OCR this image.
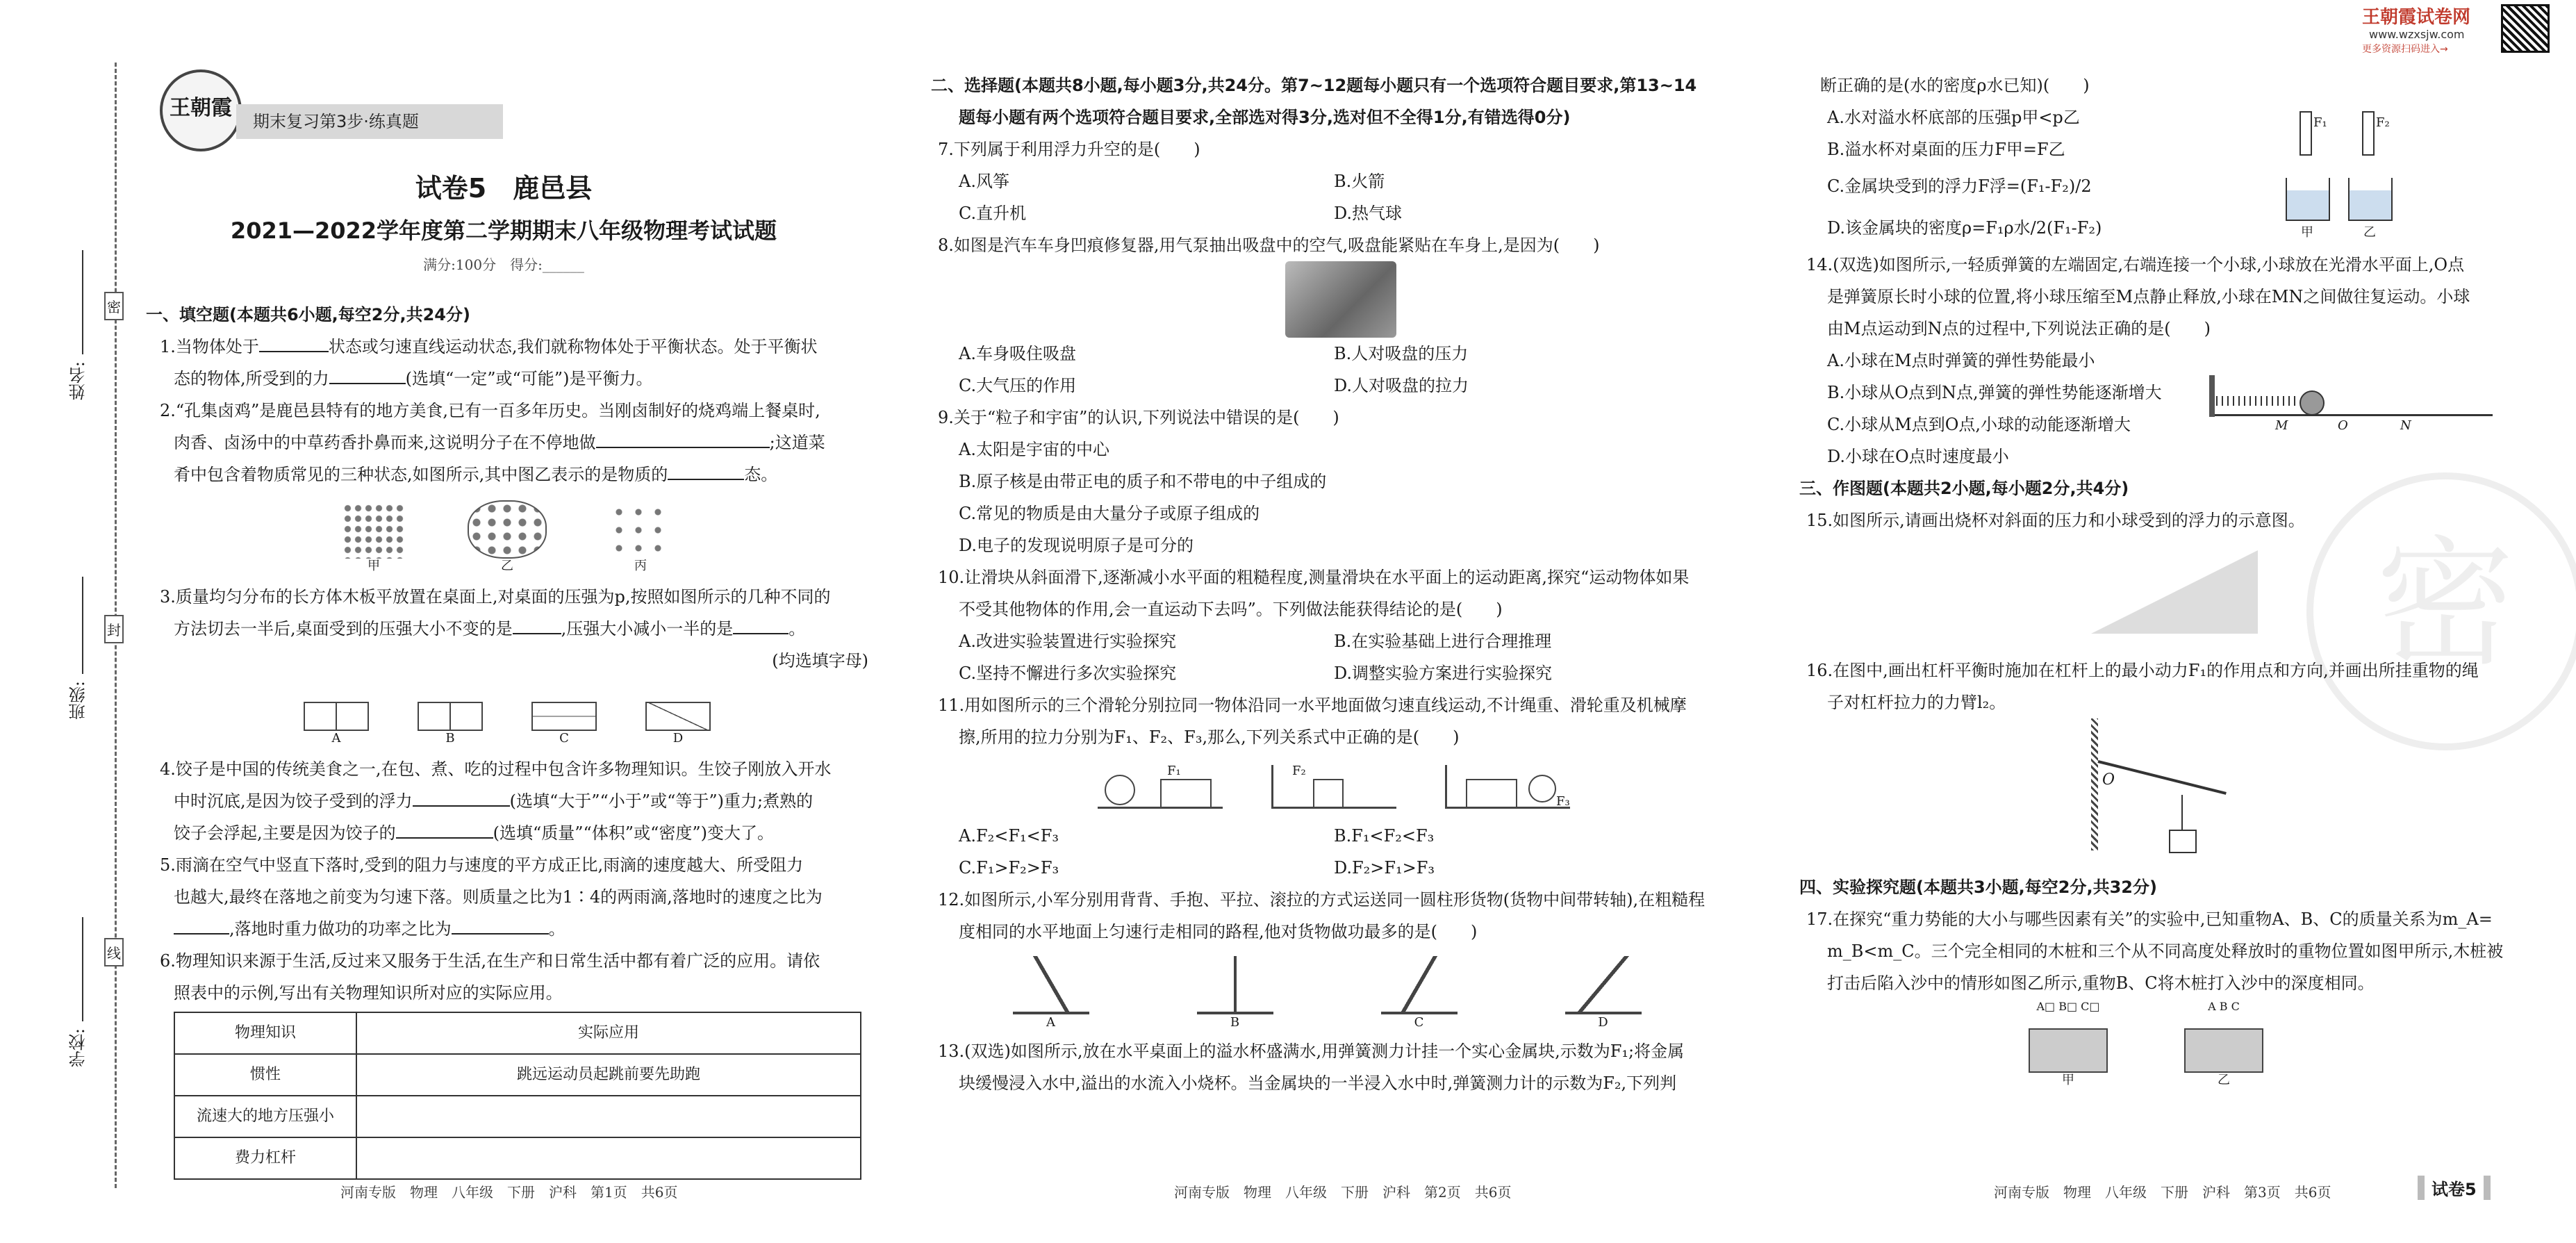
密
封
线
姓名:
班级:
学校:
王朝霞
期末复习第3步·练真题
王朝霞试卷网
www.wzxsjw.com
更多资源扫码进入→
密
试卷5　鹿邑县
2021—2022学年度第二学期期末八年级物理考试试题
满分:100分　得分:______

一、填空题(本题共6小题,每空2分,共24分)

1.当物体处于	状态或匀速直线运动状态,我们就称物体处于平衡状态。处于平衡状
态的物体,所受到的力	(选填“一定”或“可能”)是平衡力。

2.“孔集卤鸡”是鹿邑县特有的地方美食,已有一百多年历史。当刚卤制好的烧鸡端上餐桌时,
肉香、卤汤中的中草药香扑鼻而来,这说明分子在不停地做	;这道菜
肴中包含着物质常见的三种状态,如图所示,其中图乙表示的是物质的	态。

甲	乙	丙

3.质量均匀分布的长方体木板平放置在桌面上,对桌面的压强为p,按照如图所示的几种不同的
方法切去一半后,桌面受到的压强大小不变的是	,压强大小减小一半的是	。

(均选填字母)

A	B	C	D

4.饺子是中国的传统美食之一,在包、煮、吃的过程中包含许多物理知识。生饺子刚放入开水
中时沉底,是因为饺子受到的浮力	(选填“大于”“小于”或“等于”)重力;煮熟的
饺子会浮起,主要是因为饺子的	(选填“质量”“体积”或“密度”)变大了。

5.雨滴在空气中竖直下落时,受到的阻力与速度的平方成正比,雨滴的速度越大、所受阻力
也越大,最终在落地之前变为匀速下落。则质量之比为1∶4的两雨滴,落地时的速度之比为
,落地时重力做功的功率之比为	。

6.物理知识来源于生活,反过来又服务于生活,在生产和日常生活中都有着广泛的应用。请依
照表中的示例,写出有关物理知识所对应的实际应用。

物理知识	实际应用
惯性	跳远运动员起跳前要先助跑
流速大的地方压强小	
费力杠杆	

二、选择题(本题共8小题,每小题3分,共24分。第7~12题每小题只有一个选项符合题目要求,第13~14

题每小题有两个选项符合题目要求,全部选对得3分,选对但不全得1分,有错选得0分)

7.下列属于利用浮力升空的是(　　)

A.风筝	B.火箭
C.直升机	D.热气球

8.如图是汽车车身凹痕修复器,用气泵抽出吸盘中的空气,吸盘能紧贴在车身上,是因为(　　)

A.车身吸住吸盘	B.人对吸盘的压力
C.大气压的作用	D.人对吸盘的拉力

9.关于“粒子和宇宙”的认识,下列说法中错误的是(　　)

A.太阳是宇宙的中心

B.原子核是由带正电的质子和不带电的中子组成的

C.常见的物质是由大量分子或原子组成的

D.电子的发现说明原子是可分的

10.让滑块从斜面滑下,逐渐减小水平面的粗糙程度,测量滑块在水平面上的运动距离,探究“运动物体如果
不受其他物体的作用,会一直运动下去吗”。下列做法能获得结论的是(　　)

A.改进实验装置进行实验探究	B.在实验基础上进行合理推理
C.坚持不懈进行多次实验探究	D.调整实验方案进行实验探究

11.用如图所示的三个滑轮分别拉同一物体沿同一水平地面做匀速直线运动,不计绳重、滑轮重及机械摩
擦,所用的拉力分别为F₁、F₂、F₃,那么,下列关系式中正确的是(　　)

F₁	F₂
F₃
A.F₂<F₁<F₃	B.F₁<F₂<F₃
C.F₁>F₂>F₃	D.F₂>F₁>F₃

12.如图所示,小军分别用背背、手抱、平拉、滚拉的方式运送同一圆柱形货物(货物中间带转轴),在粗糙程
度相同的水平地面上匀速行走相同的路程,他对货物做功最多的是(　　)

A	B	C	D

13.(双选)如图所示,放在水平桌面上的溢水杯盛满水,用弹簧测力计挂一个实心金属块,示数为F₁;将金属
块缓慢浸入水中,溢出的水流入小烧杯。当金属块的一半浸入水中时,弹簧测力计的示数为F₂,下列判

断正确的是(水的密度ρ水已知)(　　)

A.水对溢水杯底部的压强p甲<p乙

B.溢水杯对桌面的压力F甲=F乙

C.金属块受到的浮力F浮=(F₁-F₂)/2

D.该金属块的密度ρ=F₁ρ水/2(F₁-F₂)

14.(双选)如图所示,一轻质弹簧的左端固定,右端连接一个小球,小球放在光滑水平面上,O点
是弹簧原长时小球的位置,将小球压缩至M点静止释放,小球在MN之间做往复运动。小球
由M点运动到N点的过程中,下列说法正确的是(　　)

A.小球在M点时弹簧的弹性势能最小

B.小球从O点到N点,弹簧的弹性势能逐渐增大

C.小球从M点到O点,小球的动能逐渐增大

D.小球在O点时速度最小

三、作图题(本题共2小题,每小题2分,共4分)

15.如图所示,请画出烧杯对斜面的压力和小球受到的浮力的示意图。

16.在图中,画出杠杆平衡时施加在杠杆上的最小动力F₁的作用点和方向,并画出所挂重物的绳
子对杠杆拉力的力臂l₂。

O

四、实验探究题(本题共3小题,每空2分,共32分)

17.在探究“重力势能的大小与哪些因素有关”的实验中,已知重物A、B、C的质量关系为m_A=
m_B<m_C。三个完全相同的木桩和三个从不同高度处释放时的重物位置如图甲所示,木桩被
打击后陷入沙中的情形如图乙所示,重物B、C将木桩打入沙中的深度相同。

A□ B□ C□
甲
A B C
乙
F₁	F₂
甲	乙
M	O	N
河南专版　物理　八年级　下册　沪科　第1页　共6页	河南专版　物理　八年级　下册　沪科　第2页　共6页	河南专版　物理　八年级　下册　沪科　第3页　共6页	试卷5
